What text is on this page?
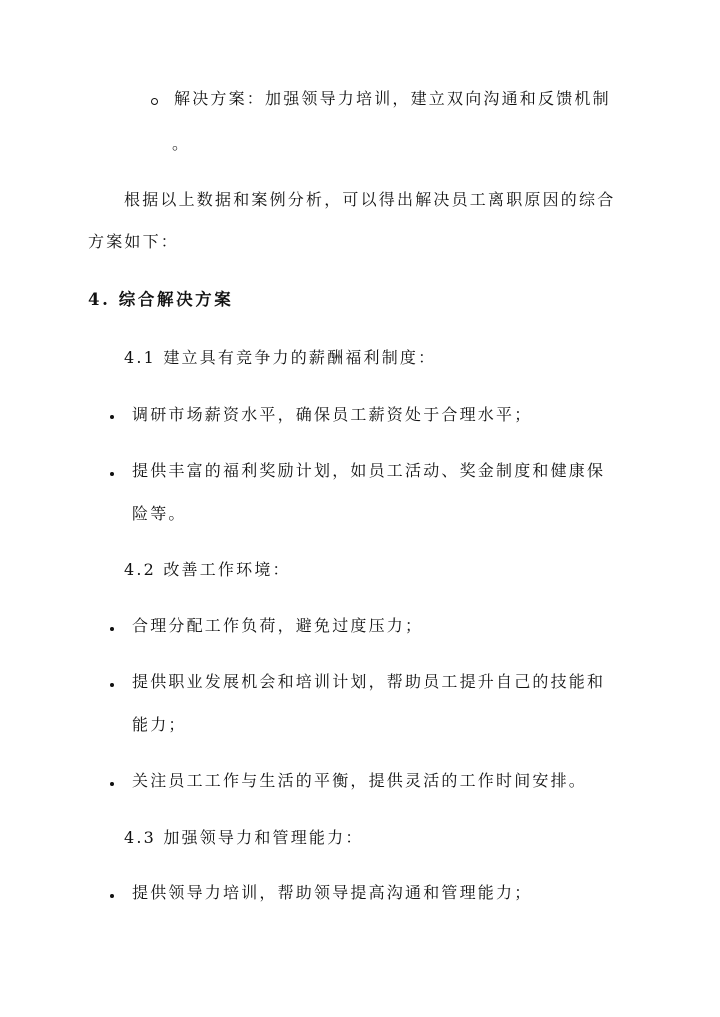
解决方案：加强领导力培训，建立双向沟通和反馈机制
。
根据以上数据和案例分析，可以得出解决员工离职原因的综合
方案如下：
4. 综合解决方案
4.1 建立具有竞争力的薪酬福利制度：
调研市场薪资水平，确保员工薪资处于合理水平；
提供丰富的福利奖励计划，如员工活动、奖金制度和健康保
险等。
4.2 改善工作环境：
合理分配工作负荷，避免过度压力；
提供职业发展机会和培训计划，帮助员工提升自己的技能和
能力；
关注员工工作与生活的平衡，提供灵活的工作时间安排。
4.3 加强领导力和管理能力：
提供领导力培训，帮助领导提高沟通和管理能力；
